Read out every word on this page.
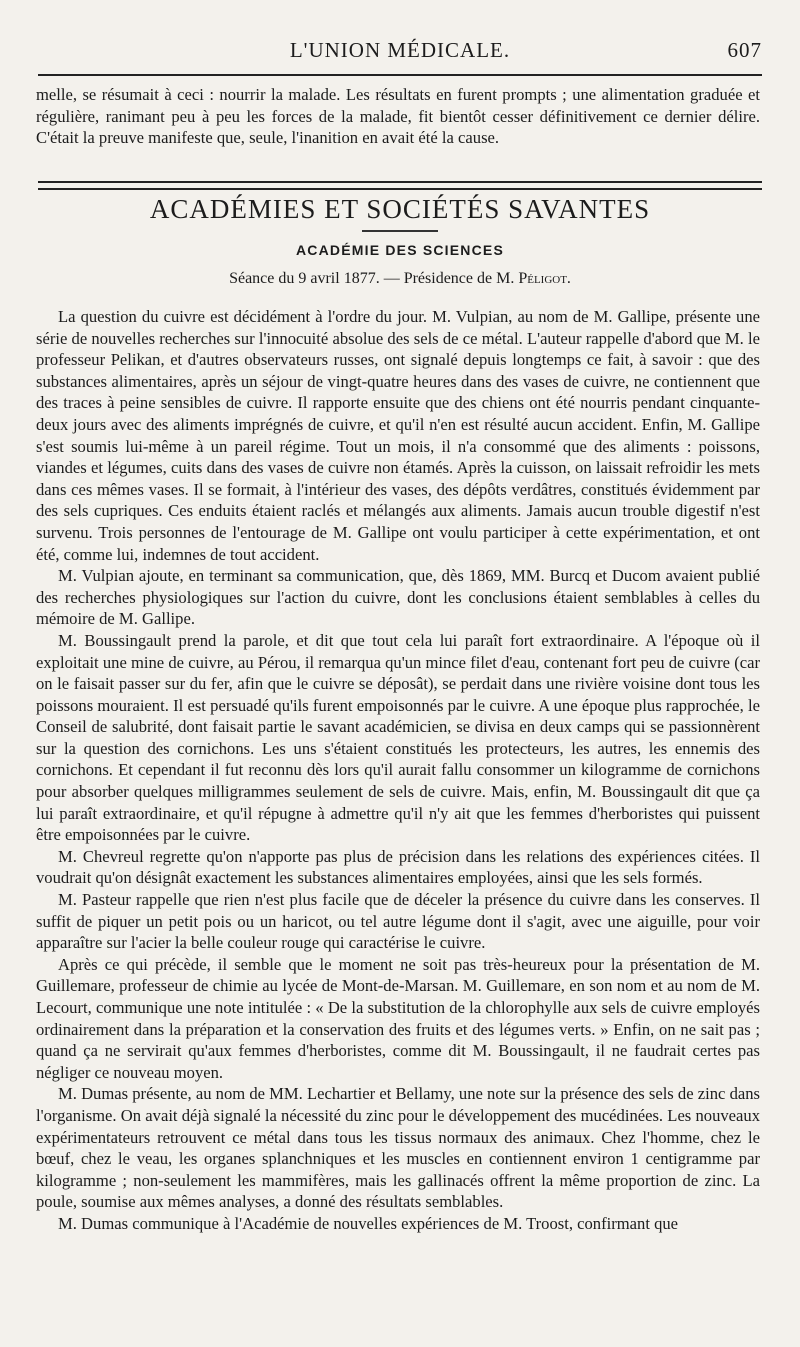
L'UNION MÉDICALE.	607

melle, se résumait à ceci : nourrir la malade. Les résultats en furent prompts ; une alimentation graduée et régulière, ranimant peu à peu les forces de la malade, fit bientôt cesser définitivement ce dernier délire. C'était la preuve manifeste que, seule, l'inanition en avait été la cause.

ACADÉMIES ET SOCIÉTÉS SAVANTES
ACADÉMIE DES SCIENCES
Séance du 9 avril 1877. — Présidence de M. Péligot.

La question du cuivre est décidément à l'ordre du jour. M. Vulpian, au nom de M. Gallipe, présente une série de nouvelles recherches sur l'innocuité absolue des sels de ce métal. L'auteur rappelle d'abord que M. le professeur Pelikan, et d'autres observateurs russes, ont signalé depuis longtemps ce fait, à savoir : que des substances alimentaires, après un séjour de vingt-quatre heures dans des vases de cuivre, ne contiennent que des traces à peine sensibles de cuivre. Il rapporte ensuite que des chiens ont été nourris pendant cinquante-deux jours avec des aliments imprégnés de cuivre, et qu'il n'en est résulté aucun accident. Enfin, M. Gallipe s'est soumis lui-même à un pareil régime. Tout un mois, il n'a consommé que des aliments : poissons, viandes et légumes, cuits dans des vases de cuivre non étamés. Après la cuisson, on laissait refroidir les mets dans ces mêmes vases. Il se formait, à l'intérieur des vases, des dépôts verdâtres, constitués évidemment par des sels cupriques. Ces enduits étaient raclés et mélangés aux aliments. Jamais aucun trouble digestif n'est survenu. Trois personnes de l'entourage de M. Gallipe ont voulu participer à cette expérimentation, et ont été, comme lui, indemnes de tout accident.

M. Vulpian ajoute, en terminant sa communication, que, dès 1869, MM. Burcq et Ducom avaient publié des recherches physiologiques sur l'action du cuivre, dont les conclusions étaient semblables à celles du mémoire de M. Gallipe.

M. Boussingault prend la parole, et dit que tout cela lui paraît fort extraordinaire. A l'époque où il exploitait une mine de cuivre, au Pérou, il remarqua qu'un mince filet d'eau, contenant fort peu de cuivre (car on le faisait passer sur du fer, afin que le cuivre se déposât), se perdait dans une rivière voisine dont tous les poissons mouraient. Il est persuadé qu'ils furent empoisonnés par le cuivre. A une époque plus rapprochée, le Conseil de salubrité, dont faisait partie le savant académicien, se divisa en deux camps qui se passionnèrent sur la question des cornichons. Les uns s'étaient constitués les protecteurs, les autres, les ennemis des cornichons. Et cependant il fut reconnu dès lors qu'il aurait fallu consommer un kilogramme de cornichons pour absorber quelques milligrammes seulement de sels de cuivre. Mais, enfin, M. Boussingault dit que ça lui paraît extraordinaire, et qu'il répugne à admettre qu'il n'y ait que les femmes d'herboristes qui puissent être empoisonnées par le cuivre.

M. Chevreul regrette qu'on n'apporte pas plus de précision dans les relations des expériences citées. Il voudrait qu'on désignât exactement les substances alimentaires employées, ainsi que les sels formés.

M. Pasteur rappelle que rien n'est plus facile que de déceler la présence du cuivre dans les conserves. Il suffit de piquer un petit pois ou un haricot, ou tel autre légume dont il s'agit, avec une aiguille, pour voir apparaître sur l'acier la belle couleur rouge qui caractérise le cuivre.

Après ce qui précède, il semble que le moment ne soit pas très-heureux pour la présentation de M. Guillemare, professeur de chimie au lycée de Mont-de-Marsan. M. Guillemare, en son nom et au nom de M. Lecourt, communique une note intitulée : « De la substitution de la chlorophylle aux sels de cuivre employés ordinairement dans la préparation et la conservation des fruits et des légumes verts. » Enfin, on ne sait pas ; quand ça ne servirait qu'aux femmes d'herboristes, comme dit M. Boussingault, il ne faudrait certes pas négliger ce nouveau moyen.

M. Dumas présente, au nom de MM. Lechartier et Bellamy, une note sur la présence des sels de zinc dans l'organisme. On avait déjà signalé la nécessité du zinc pour le développement des mucédinées. Les nouveaux expérimentateurs retrouvent ce métal dans tous les tissus normaux des animaux. Chez l'homme, chez le bœuf, chez le veau, les organes splanchniques et les muscles en contiennent environ 1 centigramme par kilogramme ; non-seulement les mammifères, mais les gallinacés offrent la même proportion de zinc. La poule, soumise aux mêmes analyses, a donné des résultats semblables.

M. Dumas communique à l'Académie de nouvelles expériences de M. Troost, confirmant que
